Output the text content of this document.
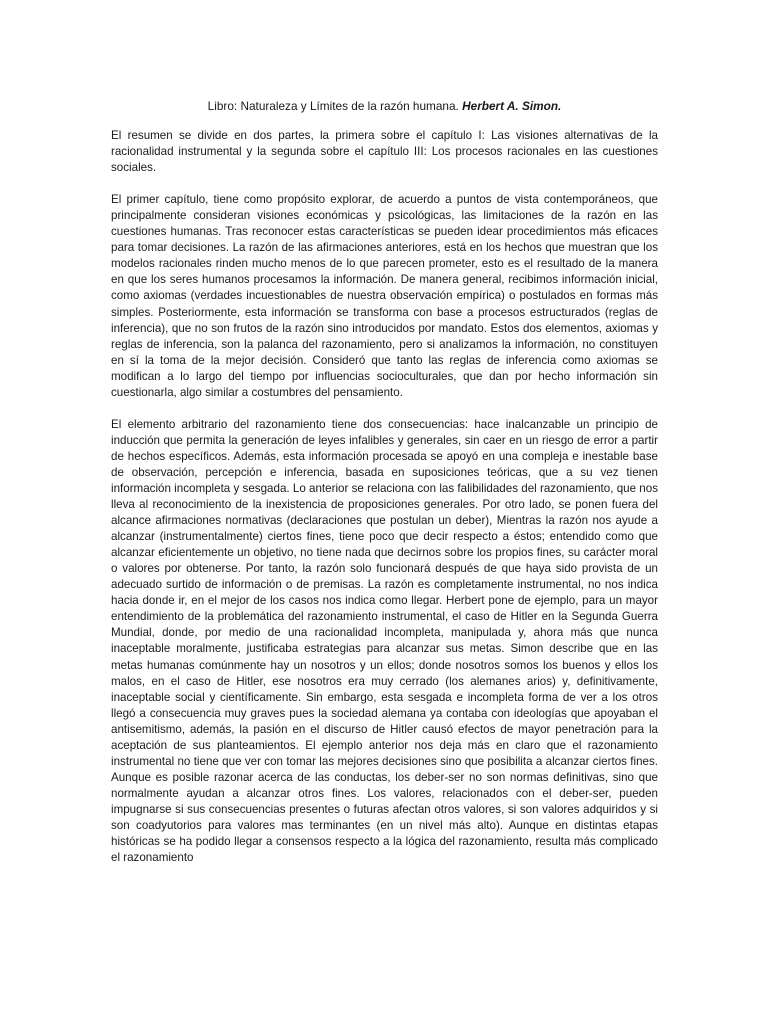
Libro: Naturaleza y Límites de la razón humana. Herbert A. Simon.

El resumen se divide en dos partes, la primera sobre el capítulo I: Las visiones alternativas de la racionalidad instrumental y la segunda sobre el capítulo III: Los procesos racionales en las cuestiones sociales.

El primer capítulo, tiene como propósito explorar, de acuerdo a puntos de vista contemporáneos, que principalmente consideran visiones económicas y psicológicas, las limitaciones de la razón en las cuestiones humanas. Tras reconocer estas características se pueden idear procedimientos más eficaces para tomar decisiones. La razón de las afirmaciones anteriores, está en los hechos que muestran que los modelos racionales rinden mucho menos de lo que parecen prometer, esto es el resultado de la manera en que los seres humanos procesamos la información. De manera general, recibimos información inicial, como axiomas (verdades incuestionables de nuestra observación empírica) o postulados en formas más simples. Posteriormente, esta información se transforma con base a procesos estructurados (reglas de inferencia), que no son frutos de la razón sino introducidos por mandato. Estos dos elementos, axiomas y reglas de inferencia, son la palanca del razonamiento, pero si analizamos la información, no constituyen en sí la toma de la mejor decisión. Consideró que tanto las reglas de inferencia como axiomas se modifican a lo largo del tiempo por influencias socioculturales, que dan por hecho información sin cuestionarla, algo similar a costumbres del pensamiento.

El elemento arbitrario del razonamiento tiene dos consecuencias: hace inalcanzable un principio de inducción que permita la generación de leyes infalibles y generales, sin caer en un riesgo de error a partir de hechos específicos. Además, esta información procesada se apoyó en una compleja e inestable base de observación, percepción e inferencia, basada en suposiciones teóricas, que a su vez tienen información incompleta y sesgada. Lo anterior se relaciona con las falibilidades del razonamiento, que nos lleva al reconocimiento de la inexistencia de proposiciones generales. Por otro lado, se ponen fuera del alcance afirmaciones normativas (declaraciones que postulan un deber), Mientras la razón nos ayude a alcanzar (instrumentalmente) ciertos fines, tiene poco que decir respecto a éstos; entendido como que alcanzar eficientemente un objetivo, no tiene nada que decirnos sobre los propios fines, su carácter moral o valores por obtenerse. Por tanto, la razón solo funcionará después de que haya sido provista de un adecuado surtido de información o de premisas. La razón es completamente instrumental, no nos indica hacia donde ir, en el mejor de los casos nos indica como llegar. Herbert pone de ejemplo, para un mayor entendimiento de la problemática del razonamiento instrumental, el caso de Hitler en la Segunda Guerra Mundial, donde, por medio de una racionalidad incompleta, manipulada y, ahora más que nunca inaceptable moralmente, justificaba estrategias para alcanzar sus metas. Simon describe que en las metas humanas comúnmente hay un nosotros y un ellos; donde nosotros somos los buenos y ellos los malos, en el caso de Hitler, ese nosotros era muy cerrado (los alemanes arios) y, definitivamente, inaceptable social y científicamente. Sin embargo, esta sesgada e incompleta forma de ver a los otros llegó a consecuencia muy graves pues la sociedad alemana ya contaba con ideologías que apoyaban el antisemitismo, además, la pasión en el discurso de Hitler causó efectos de mayor penetración para la aceptación de sus planteamientos. El ejemplo anterior nos deja más en claro que el razonamiento instrumental no tiene que ver con tomar las mejores decisiones sino que posibilita a alcanzar ciertos fines. Aunque es posible razonar acerca de las conductas, los deber-ser no son normas definitivas, sino que normalmente ayudan a alcanzar otros fines. Los valores, relacionados con el deber-ser, pueden impugnarse si sus consecuencias presentes o futuras afectan otros valores, si son valores adquiridos y si son coadyutorios para valores mas terminantes (en un nivel más alto). Aunque en distintas etapas históricas se ha podido llegar a consensos respecto a la lógica del razonamiento, resulta más complicado el razonamiento
